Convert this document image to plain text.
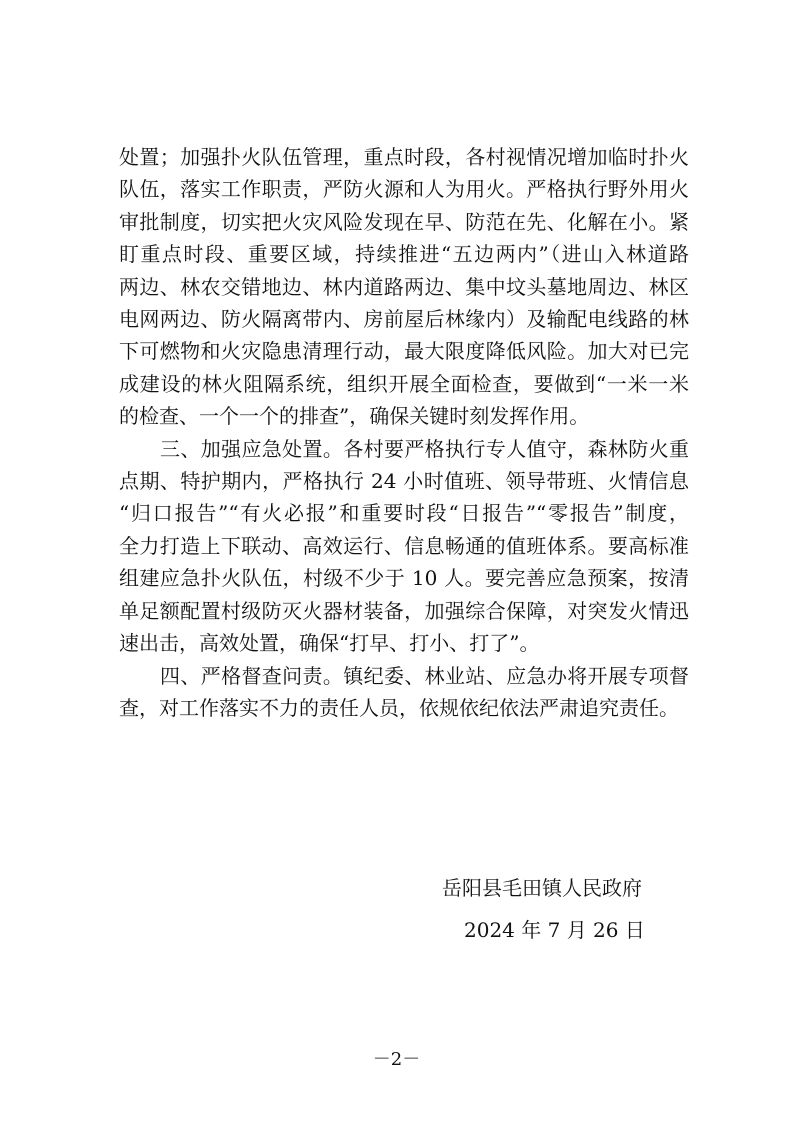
处置；加强扑火队伍管理，重点时段，各村视情况增加临时扑火
队伍，落实工作职责，严防火源和人为用火。严格执行野外用火
审批制度，切实把火灾风险发现在早、防范在先、化解在小。紧
盯重点时段、重要区域，持续推进“五边两内”（进山入林道路
两边、林农交错地边、林内道路两边、集中坟头墓地周边、林区
电网两边、防火隔离带内、房前屋后林缘内）及输配电线路的林
下可燃物和火灾隐患清理行动，最大限度降低风险。加大对已完
成建设的林火阻隔系统，组织开展全面检查，要做到“一米一米
的检查、一个一个的排查”，确保关键时刻发挥作用。
三、加强应急处置。各村要严格执行专人值守，森林防火重
点期、特护期内，严格执行 24 小时值班、领导带班、火情信息
“归口报告”“有火必报”和重要时段“日报告”“零报告”制度，
全力打造上下联动、高效运行、信息畅通的值班体系。要高标准
组建应急扑火队伍，村级不少于 10 人。要完善应急预案，按清
单足额配置村级防灭火器材装备，加强综合保障，对突发火情迅
速出击，高效处置，确保“打早、打小、打了”。
四、严格督查问责。镇纪委、林业站、应急办将开展专项督
查，对工作落实不力的责任人员，依规依纪依法严肃追究责任。
岳阳县毛田镇人民政府
2024 年 7 月 26 日
－2－
